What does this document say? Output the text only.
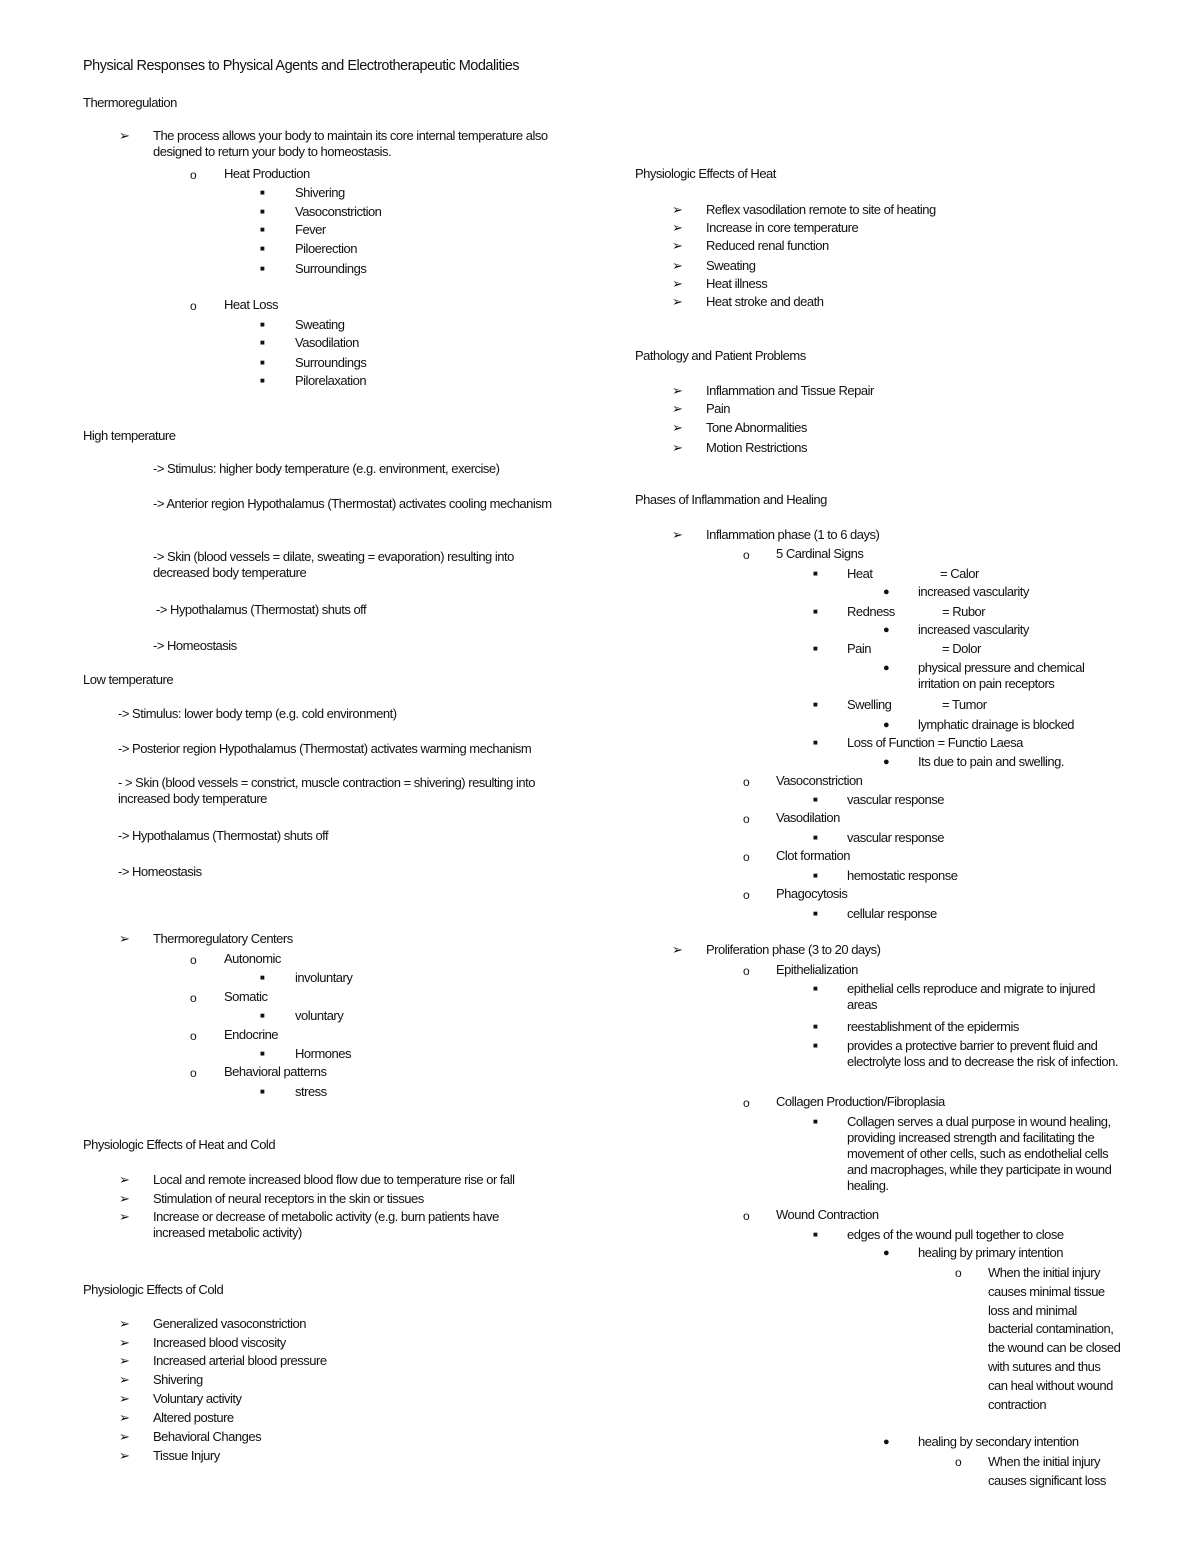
Physical Responses to Physical Agents and Electrotherapeutic Modalities
Thermoregulation
➢ The process allows your body to maintain its core internal temperature also designed to return your body to homeostasis.
o Heat Production
■ Shivering
■ Vasoconstriction
■ Fever
■ Piloerection
■ Surroundings
o Heat Loss
■ Sweating
■ Vasodilation
■ Surroundings
■ Pilorelaxation
High temperature
-> Stimulus: higher body temperature (e.g. environment, exercise)
-> Anterior region Hypothalamus (Thermostat) activates cooling mechanism
-> Skin (blood vessels = dilate, sweating = evaporation) resulting into decreased body temperature
-> Hypothalamus (Thermostat) shuts off
-> Homeostasis
Low temperature
-> Stimulus: lower body temp (e.g. cold environment)
-> Posterior region Hypothalamus (Thermostat) activates warming mechanism
- > Skin (blood vessels = constrict, muscle contraction = shivering) resulting into increased body temperature
-> Hypothalamus (Thermostat) shuts off
-> Homeostasis
➢ Thermoregulatory Centers
o Autonomic
■ involuntary
o Somatic
■ voluntary
o Endocrine
■ Hormones
o Behavioral patterns
■ stress
Physiologic Effects of Heat and Cold
➢ Local and remote increased blood flow due to temperature rise or fall
➢ Stimulation of neural receptors in the skin or tissues
➢ Increase or decrease of metabolic activity (e.g. burn patients have increased metabolic activity)
Physiologic Effects of Cold
➢ Generalized vasoconstriction
➢ Increased blood viscosity
➢ Increased arterial blood pressure
➢ Shivering
➢ Voluntary activity
➢ Altered posture
➢ Behavioral Changes
➢ Tissue Injury
Physiologic Effects of Heat
➢ Reflex vasodilation remote to site of heating
➢ Increase in core temperature
➢ Reduced renal function
➢ Sweating
➢ Heat illness
➢ Heat stroke and death
Pathology and Patient Problems
➢ Inflammation and Tissue Repair
➢ Pain
➢ Tone Abnormalities
➢ Motion Restrictions
Phases of Inflammation and Healing
➢ Inflammation phase (1 to 6 days)
o 5 Cardinal Signs
■ Heat	= Calor
● increased vascularity
■ Redness	= Rubor
● increased vascularity
■ Pain	= Dolor
● physical pressure and chemical irritation on pain receptors
■ Swelling	= Tumor
● lymphatic drainage is blocked
■ Loss of Function = Functio Laesa
● Its due to pain and swelling.
o Vasoconstriction
■ vascular response
o Vasodilation
■ vascular response
o Clot formation
■ hemostatic response
o Phagocytosis
■ cellular response
➢ Proliferation phase (3 to 20 days)
o Epithelialization
■ epithelial cells reproduce and migrate to injured areas
■ reestablishment of the epidermis
■ provides a protective barrier to prevent fluid and electrolyte loss and to decrease the risk of infection.
o Collagen Production/Fibroplasia
■ Collagen serves a dual purpose in wound healing, providing increased strength and facilitating the movement of other cells, such as endothelial cells and macrophages, while they participate in wound healing.
o Wound Contraction
■ edges of the wound pull together to close
● healing by primary intention
o When the initial injury causes minimal tissue loss and minimal bacterial contamination, the wound can be closed with sutures and thus can heal without wound contraction
● healing by secondary intention
o When the initial injury causes significant loss
